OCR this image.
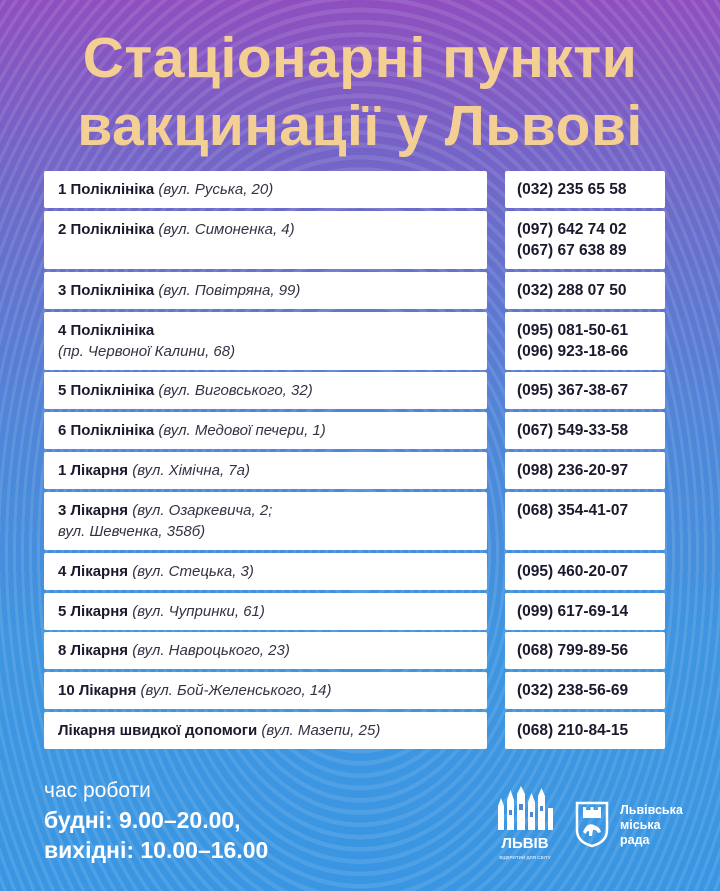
Стаціонарні пункти
вакцинації у Львові
1 Поліклініка (вул. Руська, 20)	(032) 235 65 58
2 Поліклініка (вул. Симоненка, 4)	(097) 642 74 02
(067) 67 638 89
3 Поліклініка (вул. Повітряна, 99)	(032) 288 07 50
4 Поліклініка
(пр. Червоної Калини, 68)
(095) 081-50-61
(096) 923-18-66
5 Поліклініка (вул. Виговського, 32)	(095) 367-38-67
6 Поліклініка (вул. Медової печери, 1)	(067) 549-33-58
1 Лікарня (вул. Хімічна, 7а)	(098) 236-20-97
3 Лікарня (вул. Озаркевича, 2;
вул. Шевченка, 358б)
(068) 354-41-07
4 Лікарня (вул. Стецька, 3)	(095) 460-20-07
5 Лікарня (вул. Чупринки, 61)	(099) 617-69-14
8 Лікарня (вул. Навроцького, 23)	(068) 799-89-56
10 Лікарня (вул. Бой-Желенського, 14)	(032) 238-56-69
Лікарня швидкої допомоги (вул. Мазепи, 25)	(068) 210-84-15
час роботи
будні: 9.00–20.00,
вихідні: 10.00–16.00	ЛЬВІВ
ВІДКРИТИЙ ДЛЯ СВІТУ
Львівська
міська
рада
